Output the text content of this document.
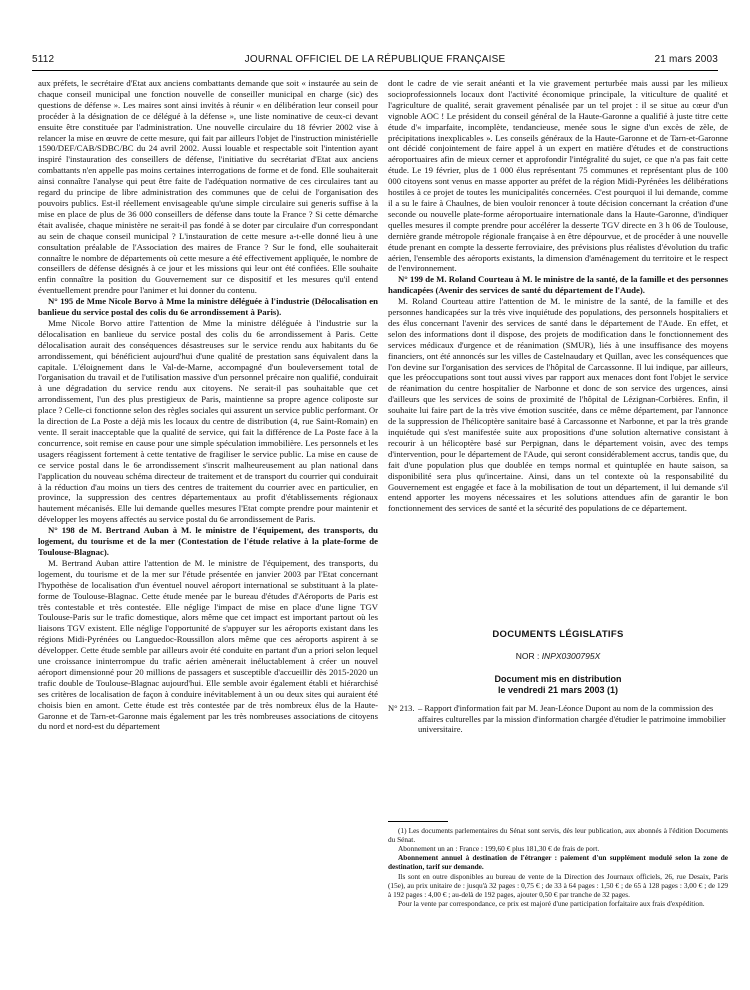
5112	JOURNAL OFFICIEL DE LA RÉPUBLIQUE FRANÇAISE	21 mars 2003

aux préfets, le secrétaire d'Etat aux anciens combattants demande que soit « instaurée au sein de chaque conseil municipal une fonction nouvelle de conseiller municipal en charge (sic) des questions de défense ». Les maires sont ainsi invités à réunir « en délibération leur conseil pour procéder à la désignation de ce délégué à la défense », une liste nominative de ceux-ci devant ensuite être constituée par l'administration. Une nouvelle circulaire du 18 février 2002 vise à relancer la mise en œuvre de cette mesure, qui fait par ailleurs l'objet de l'instruction ministérielle 1590/DEF/CAB/SDBC/BC du 24 avril 2002. Aussi louable et respectable soit l'intention ayant inspiré l'instauration des conseillers de défense, l'initiative du secrétariat d'Etat aux anciens combattants n'en appelle pas moins certaines interrogations de forme et de fond. Elle souhaiterait ainsi connaître l'analyse qui peut être faite de l'adéquation normative de ces circulaires tant au regard du principe de libre administration des communes que de celui de l'organisation des pouvoirs publics. Est-il réellement envisageable qu'une simple circulaire sui generis suffise à la mise en place de plus de 36 000 conseillers de défense dans toute la France ? Si cette démarche était avalisée, chaque ministère ne serait-il pas fondé à se doter par circulaire d'un correspondant au sein de chaque conseil municipal ? L'instauration de cette mesure a-t-elle donné lieu à une consultation préalable de l'Association des maires de France ? Sur le fond, elle souhaiterait connaître le nombre de départements où cette mesure a été effectivement appliquée, le nombre de conseillers de défense désignés à ce jour et les missions qui leur ont été confiées. Elle souhaite enfin connaître la position du Gouvernement sur ce dispositif et les mesures qu'il entend éventuellement prendre pour l'animer et lui donner du contenu.

N° 195 de Mme Nicole Borvo à Mme la ministre déléguée à l'industrie (Délocalisation en banlieue du service postal des colis du 6e arrondissement à Paris).

Mme Nicole Borvo attire l'attention de Mme la ministre déléguée à l'industrie sur la délocalisation en banlieue du service postal des colis du 6e arrondissement à Paris. Cette délocalisation aurait des conséquences désastreuses sur le service rendu aux habitants du 6e arrondissement, qui bénéficient aujourd'hui d'une qualité de prestation sans équivalent dans la capitale. L'éloignement dans le Val-de-Marne, accompagné d'un bouleversement total de l'organisation du travail et de l'utilisation massive d'un personnel précaire non qualifié, conduirait à une dégradation du service rendu aux citoyens. Ne serait-il pas souhaitable que cet arrondissement, l'un des plus prestigieux de Paris, maintienne sa propre agence coliposte sur place ? Celle-ci fonctionne selon des règles sociales qui assurent un service public performant. Or la direction de La Poste a déjà mis les locaux du centre de distribution (4, rue Saint-Romain) en vente. Il serait inacceptable que la qualité de service, qui fait la différence de La Poste face à la concurrence, soit remise en cause pour une simple spéculation immobilière. Les personnels et les usagers réagissent fortement à cette tentative de fragiliser le service public. La mise en cause de ce service postal dans le 6e arrondissement s'inscrit malheureusement au plan national dans l'application du nouveau schéma directeur de traitement et de transport du courrier qui conduirait à la réduction d'au moins un tiers des centres de traitement du courrier avec en particulier, en province, la suppression des centres départementaux au profit d'établissements régionaux hautement mécanisés. Elle lui demande quelles mesures l'Etat compte prendre pour maintenir et développer les moyens affectés au service postal du 6e arrondissement de Paris.

N° 198 de M. Bertrand Auban à M. le ministre de l'équipement, des transports, du logement, du tourisme et de la mer (Contestation de l'étude relative à la plate-forme de Toulouse-Blagnac).

M. Bertrand Auban attire l'attention de M. le ministre de l'équipement, des transports, du logement, du tourisme et de la mer sur l'étude présentée en janvier 2003 par l'Etat concernant l'hypothèse de localisation d'un éventuel nouvel aéroport international se substituant à la plate-forme de Toulouse-Blagnac. Cette étude menée par le bureau d'études d'Aéroports de Paris est très contestable et très contestée. Elle néglige l'impact de mise en place d'une ligne TGV Toulouse-Paris sur le trafic domestique, alors même que cet impact est important partout où les liaisons TGV existent. Elle néglige l'opportunité de s'appuyer sur les aéroports existant dans les régions Midi-Pyrénées ou Languedoc-Roussillon alors même que ces aéroports aspirent à se développer. Cette étude semble par ailleurs avoir été conduite en partant d'un a priori selon lequel une croissance ininterrompue du trafic aérien amènerait inéluctablement à créer un nouvel aéroport dimensionné pour 20 millions de passagers et susceptible d'accueillir dès 2015-2020 un trafic double de Toulouse-Blagnac aujourd'hui. Elle semble avoir également établi et hiérarchisé ses critères de localisation de façon à conduire inévitablement à un ou deux sites qui auraient été choisis bien en amont. Cette étude est très contestée par de très nombreux élus de la Haute-Garonne et de Tarn-et-Garonne mais également par les très nombreuses associations de citoyens du nord et nord-est du département

dont le cadre de vie serait anéanti et la vie gravement perturbée mais aussi par les milieux socioprofessionnels locaux dont l'activité économique principale, la viticulture de qualité et l'agriculture de qualité, serait gravement pénalisée par un tel projet : il se situe au cœur d'un vignoble AOC ! Le président du conseil général de la Haute-Garonne a qualifié à juste titre cette étude d'« imparfaite, incomplète, tendancieuse, menée sous le signe d'un excès de zèle, de précipitations inexplicables ». Les conseils généraux de la Haute-Garonne et de Tarn-et-Garonne ont décidé conjointement de faire appel à un expert en matière d'études et de constructions aéroportuaires afin de mieux cerner et approfondir l'intégralité du sujet, ce que n'a pas fait cette étude. Le 19 février, plus de 1 000 élus représentant 75 communes et représentant plus de 100 000 citoyens sont venus en masse apporter au préfet de la région Midi-Pyrénées les délibérations hostiles à ce projet de toutes les municipalités concernées. C'est pourquoi il lui demande, comme il a su le faire à Chaulnes, de bien vouloir renoncer à toute décision concernant la création d'une seconde ou nouvelle plate-forme aéroportuaire internationale dans la Haute-Garonne, d'indiquer quelles mesures il compte prendre pour accélérer la desserte TGV directe en 3 h 06 de Toulouse, dernière grande métropole régionale française à en être dépourvue, et de procéder à une nouvelle étude prenant en compte la desserte ferroviaire, des prévisions plus réalistes d'évolution du trafic aérien, l'ensemble des aéroports existants, la dimension d'aménagement du territoire et le respect de l'environnement.

N° 199 de M. Roland Courteau à M. le ministre de la santé, de la famille et des personnes handicapées (Avenir des services de santé du département de l'Aude).

M. Roland Courteau attire l'attention de M. le ministre de la santé, de la famille et des personnes handicapées sur la très vive inquiétude des populations, des personnels hospitaliers et des élus concernant l'avenir des services de santé dans le département de l'Aude. En effet, et selon des informations dont il dispose, des projets de modification dans le fonctionnement des services médicaux d'urgence et de réanimation (SMUR), liés à une insuffisance des moyens financiers, ont été annoncés sur les villes de Castelnaudary et Quillan, avec les conséquences que l'on devine sur l'organisation des services de l'hôpital de Carcassonne. Il lui indique, par ailleurs, que les préoccupations sont tout aussi vives par rapport aux menaces dont font l'objet le service de réanimation du centre hospitalier de Narbonne et donc de son service des urgences, ainsi d'ailleurs que les services de soins de proximité de l'hôpital de Lézignan-Corbières. Enfin, il souhaite lui faire part de la très vive émotion suscitée, dans ce même département, par l'annonce de la suppression de l'hélicoptère sanitaire basé à Carcassonne et Narbonne, et par la très grande inquiétude qui s'est manifestée suite aux propositions d'une solution alternative consistant à recourir à un hélicoptère basé sur Perpignan, dans le département voisin, avec des temps d'intervention, pour le département de l'Aude, qui seront considérablement accrus, tandis que, du fait d'une population plus que doublée en temps normal et quintuplée en haute saison, sa disponibilité sera plus qu'incertaine. Ainsi, dans un tel contexte où la responsabilité du Gouvernement est engagée et face à la mobilisation de tout un département, il lui demande s'il entend apporter les moyens nécessaires et les solutions attendues afin de garantir le bon fonctionnement des services de santé et la sécurité des populations de ce département.

DOCUMENTS LÉGISLATIFS
NOR : INPX0300795X
Document mis en distribution
le vendredi 21 mars 2003 (1)
N° 213. – Rapport d'information fait par M. Jean-Léonce Dupont au nom de la commission des affaires culturelles par la mission d'information chargée d'étudier le patrimoine immobilier universitaire.

(1) Les documents parlementaires du Sénat sont servis, dès leur publication, aux abonnés à l'édition Documents du Sénat.

Abonnement un an : France : 199,60 € plus 181,30 € de frais de port.

Abonnement annuel à destination de l'étranger : paiement d'un supplément modulé selon la zone de destination, tarif sur demande.

Ils sont en outre disponibles au bureau de vente de la Direction des Journaux officiels, 26, rue Desaix, Paris (15e), au prix unitaire de : jusqu'à 32 pages : 0,75 € ; de 33 à 64 pages : 1,50 € ; de 65 à 128 pages : 3,00 € ; de 129 à 192 pages : 4,00 € ; au-delà de 192 pages, ajouter 0,50 € par tranche de 32 pages.

Pour la vente par correspondance, ce prix est majoré d'une participation forfaitaire aux frais d'expédition.
